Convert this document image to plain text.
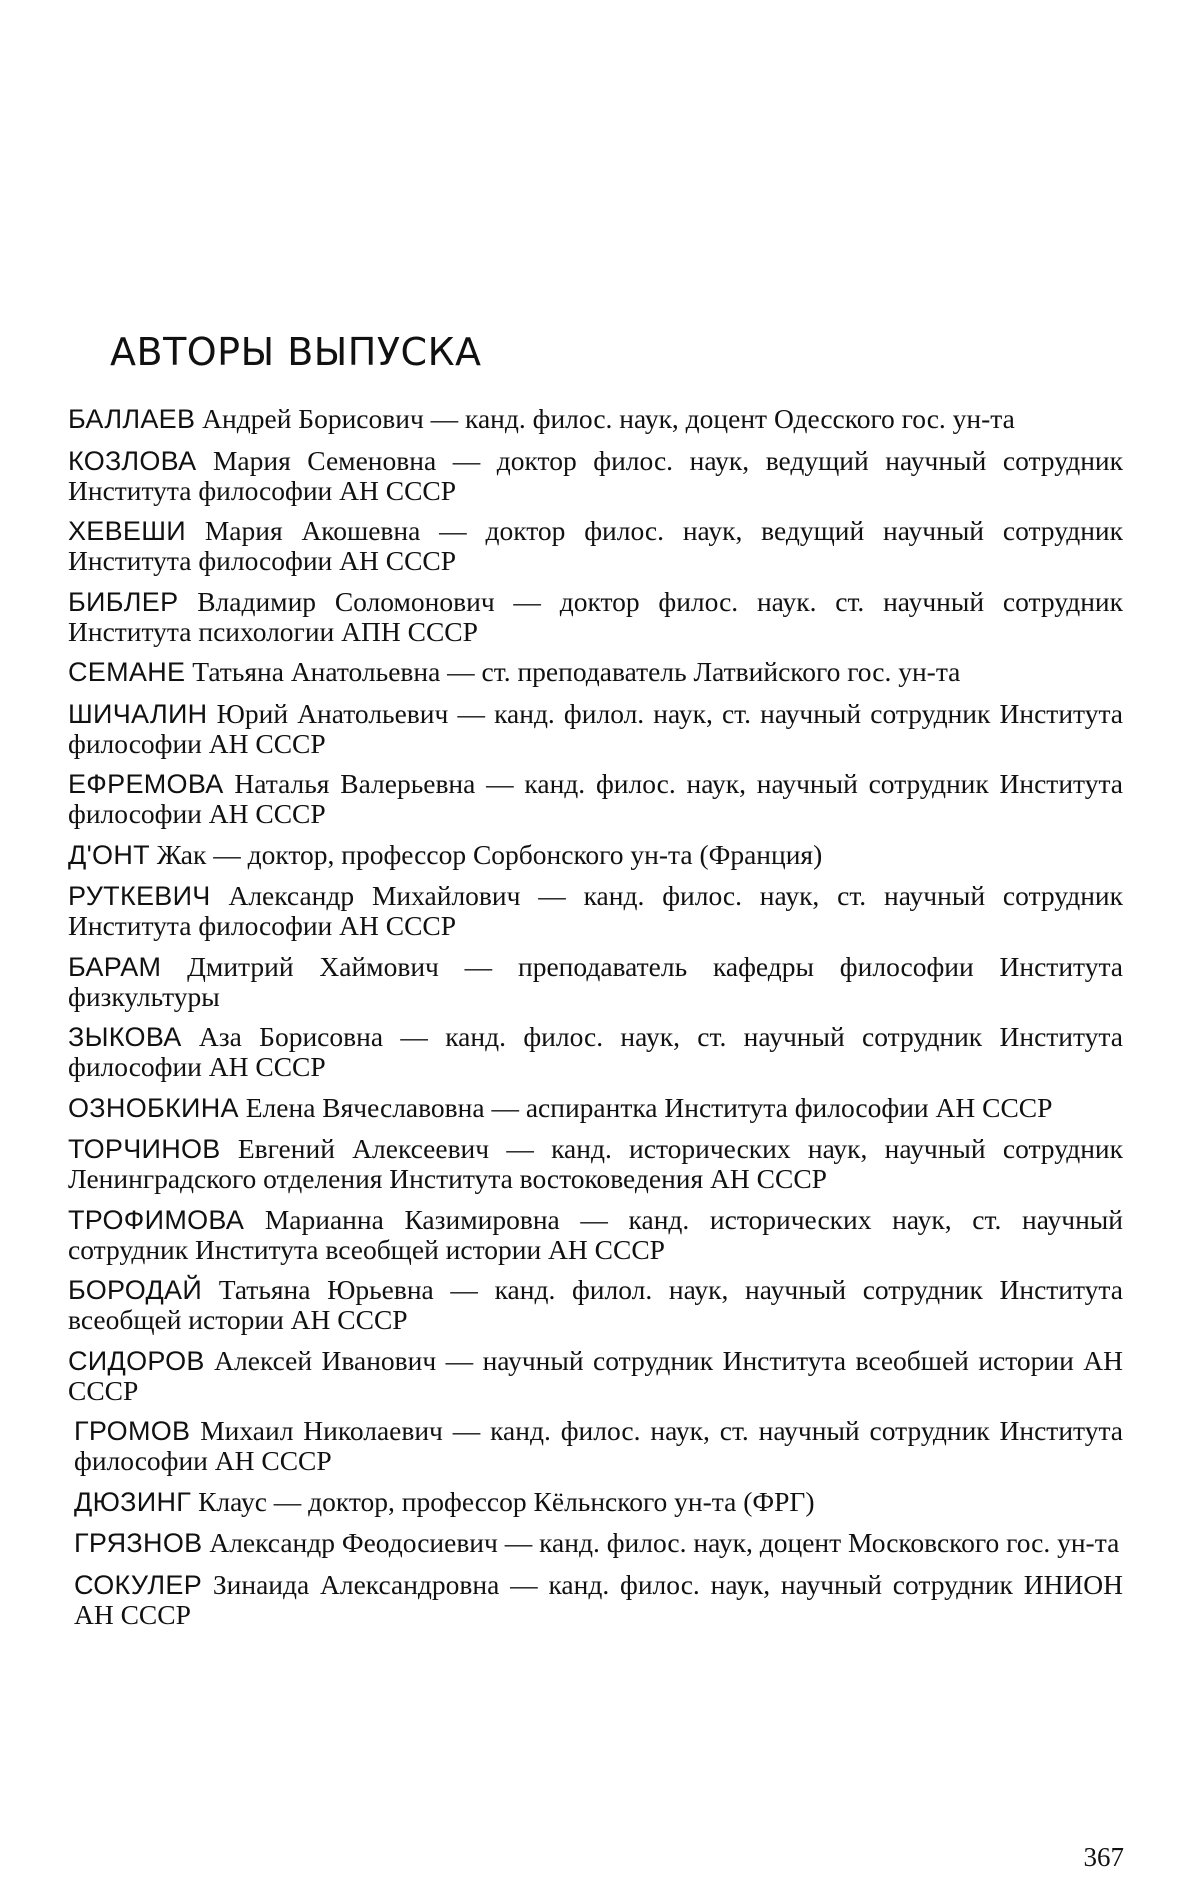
АВТОРЫ ВЫПУСКА
БАЛЛАЕВ Андрей Борисович — канд. филос. наук, доцент Одесского гос. ун-та
КОЗЛОВА Мария Семеновна — доктор филос. наук, ведущий научный сотрудник Института философии АН СССР
ХЕВЕШИ Мария Акошевна — доктор филос. наук, ведущий научный сотрудник Института философии АН СССР
БИБЛЕР Владимир Соломонович — доктор филос. наук. ст. научный сотрудник Института психологии АПН СССР
СЕМАНЕ Татьяна Анатольевна — ст. преподаватель Латвийского гос. ун-та
ШИЧАЛИН Юрий Анатольевич — канд. филол. наук, ст. научный сотрудник Института философии АН СССР
ЕФРЕМОВА Наталья Валерьевна — канд. филос. наук, научный сотрудник Института философии АН СССР
Д'ОНТ Жак — доктор, профессор Сорбонского ун-та (Франция)
РУТКЕВИЧ Александр Михайлович — канд. филос. наук, ст. научный сотрудник Института философии АН СССР
БАРАМ Дмитрий Хаймович — преподаватель кафедры философии Института физкультуры
ЗЫКОВА Аза Борисовна — канд. филос. наук, ст. научный сотрудник Института философии АН СССР
ОЗНОБКИНА Елена Вячеславовна — аспирантка Института философии АН СССР
ТОРЧИНОВ Евгений Алексеевич — канд. исторических наук, научный сотрудник Ленинградского отделения Института востоковедения АН СССР
ТРОФИМОВА Марианна Казимировна — канд. исторических наук, ст. научный сотрудник Института всеобщей истории АН СССР
БОРОДАЙ Татьяна Юрьевна — канд. филол. наук, научный сотрудник Института всеобщей истории АН СССР
СИДОРОВ Алексей Иванович — научный сотрудник Института всеобшей истории АН СССР
ГРОМОВ Михаил Николаевич — канд. филос. наук, ст. научный сотрудник Института философии АН СССР
ДЮЗИНГ Клаус — доктор, профессор Кёльнского ун-та (ФРГ)
ГРЯЗНОВ Александр Феодосиевич — канд. филос. наук, доцент Московского гос. ун-та
СОКУЛЕР Зинаида Александровна — канд. филос. наук, научный сотрудник ИНИОН АН СССР
367
